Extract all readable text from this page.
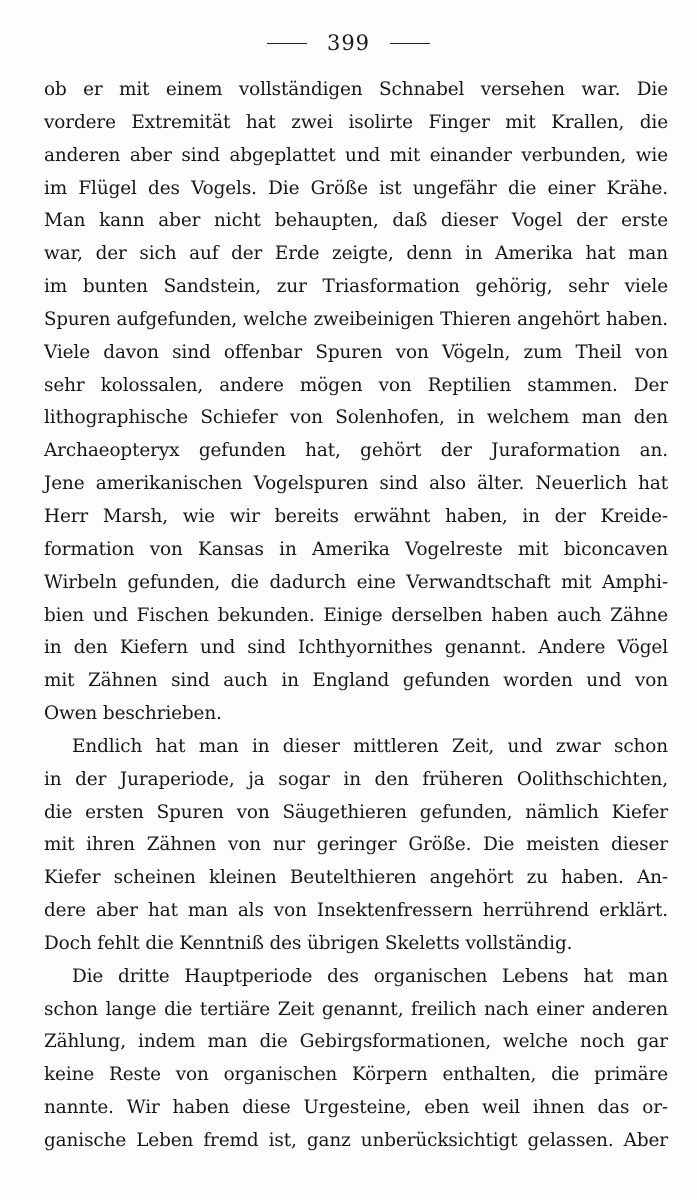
399
ob er mit einem vollständigen Schnabel versehen war. Die
vordere Extremität hat zwei isolirte Finger mit Krallen, die
anderen aber sind abgeplattet und mit einander verbunden, wie
im Flügel des Vogels. Die Größe ist ungefähr die einer Krähe.
Man kann aber nicht behaupten, daß dieser Vogel der erste
war, der sich auf der Erde zeigte, denn in Amerika hat man
im bunten Sandstein, zur Triasformation gehörig, sehr viele
Spuren aufgefunden, welche zweibeinigen Thieren angehört haben.
Viele davon sind offenbar Spuren von Vögeln, zum Theil von
sehr kolossalen, andere mögen von Reptilien stammen. Der
lithographische Schiefer von Solenhofen, in welchem man den
Archaeopteryx gefunden hat, gehört der Juraformation an.
Jene amerikanischen Vogelspuren sind also älter. Neuerlich hat
Herr Marsh, wie wir bereits erwähnt haben, in der Kreide-
formation von Kansas in Amerika Vogelreste mit biconcaven
Wirbeln gefunden, die dadurch eine Verwandtschaft mit Amphi-
bien und Fischen bekunden. Einige derselben haben auch Zähne
in den Kiefern und sind Ichthyornithes genannt. Andere Vögel
mit Zähnen sind auch in England gefunden worden und von
Owen beschrieben.
Endlich hat man in dieser mittleren Zeit, und zwar schon
in der Juraperiode, ja sogar in den früheren Oolithschichten,
die ersten Spuren von Säugethieren gefunden, nämlich Kiefer
mit ihren Zähnen von nur geringer Größe. Die meisten dieser
Kiefer scheinen kleinen Beutelthieren angehört zu haben. An-
dere aber hat man als von Insektenfressern herrührend erklärt.
Doch fehlt die Kenntniß des übrigen Skeletts vollständig.
Die dritte Hauptperiode des organischen Lebens hat man
schon lange die tertiäre Zeit genannt, freilich nach einer anderen
Zählung, indem man die Gebirgsformationen, welche noch gar
keine Reste von organischen Körpern enthalten, die primäre
nannte. Wir haben diese Urgesteine, eben weil ihnen das or-
ganische Leben fremd ist, ganz unberücksichtigt gelassen. Aber
